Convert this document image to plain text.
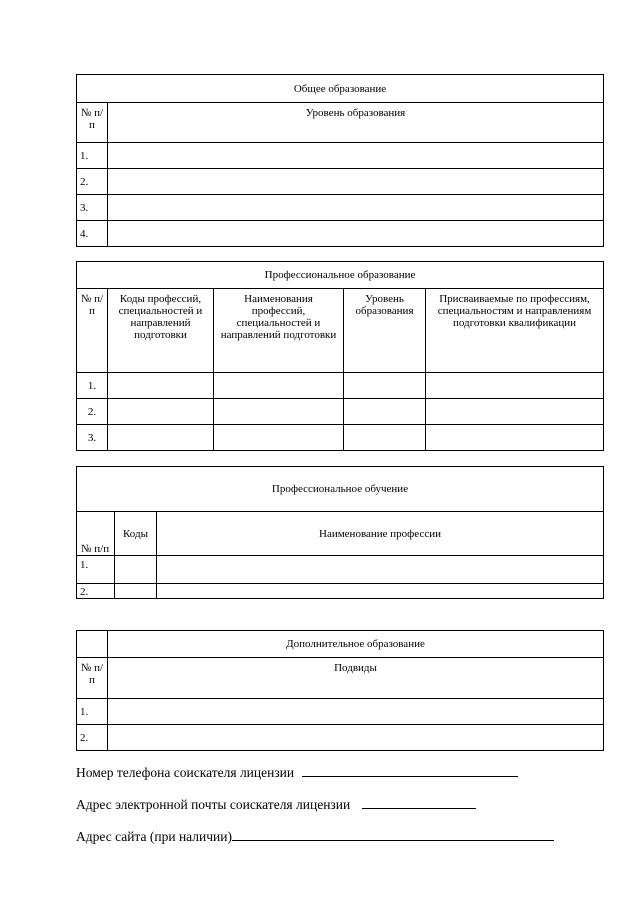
Общее образование	
№ п/п	Уровень образования
1.	
2.	
3.	
4.	
Профессиональное образование				
№ п/п	Коды профессий, специальностей и направлений подготовки	Наименования профессий, специальностей и направлений подготовки	Уровень образования	Присваиваемые по профессиям, специальностям и направлениям подготовки квалификации
1.				
2.				
3.				
Профессиональное обучение		
№ п/п	Коды	Наименование профессии
1.		
2.		
	Дополнительное образование
№ п/п	Подвиды
1.	
2.	
Номер телефона соискателя лицензии
Адрес электронной почты соискателя лицензии
Адрес сайта (при наличии)
